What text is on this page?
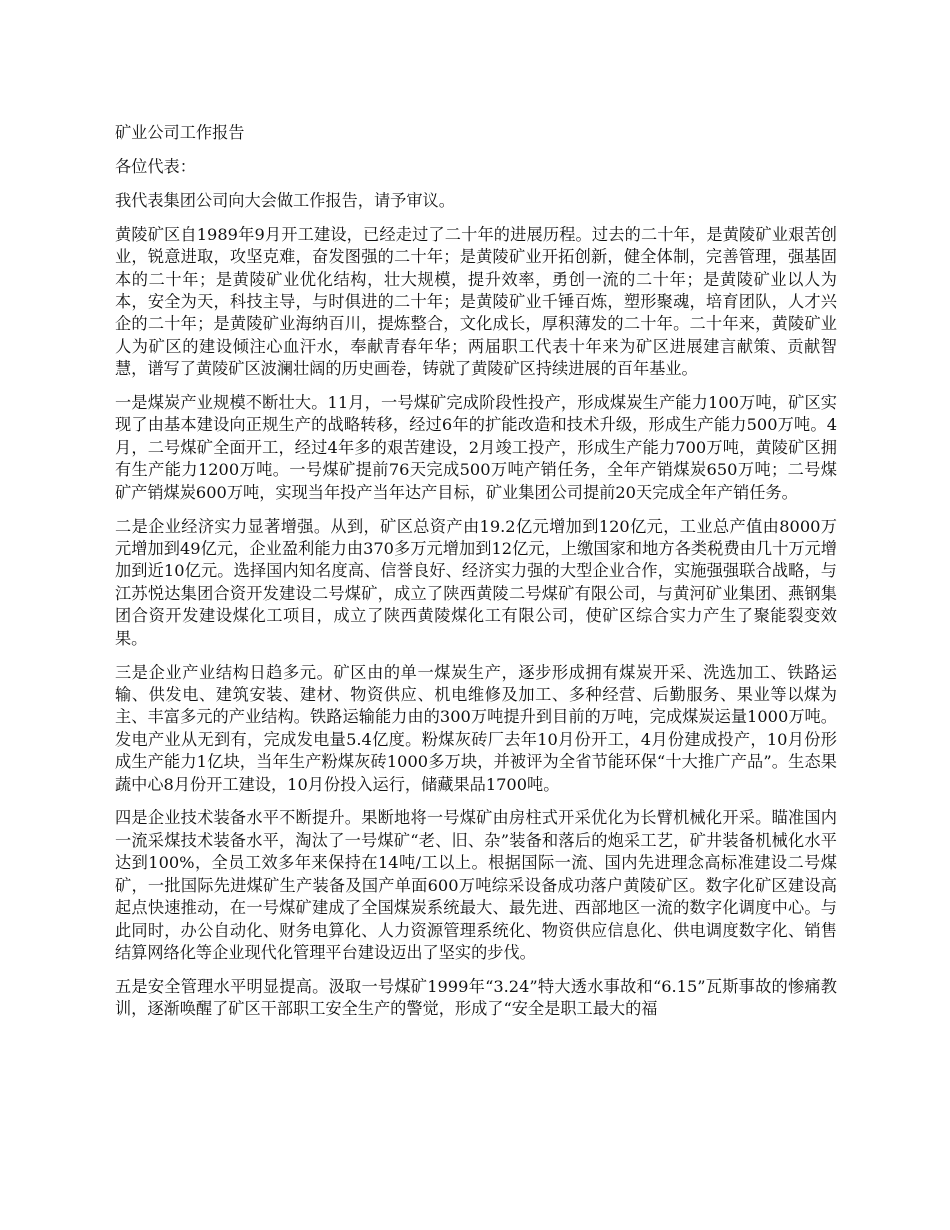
矿业公司工作报告

各位代表：

我代表集团公司向大会做工作报告，请予审议。

黄陵矿区自1989年9月开工建设，已经走过了二十年的进展历程。过去的二十年，是黄陵矿业艰苦创业，锐意进取，攻坚克难，奋发图强的二十年；是黄陵矿业开拓创新，健全体制，完善管理，强基固本的二十年；是黄陵矿业优化结构，壮大规模，提升效率，勇创一流的二十年；是黄陵矿业以人为本，安全为天，科技主导，与时俱进的二十年；是黄陵矿业千锤百炼，塑形聚魂，培育团队，人才兴企的二十年；是黄陵矿业海纳百川，提炼整合，文化成长，厚积薄发的二十年。二十年来，黄陵矿业人为矿区的建设倾注心血汗水，奉献青春年华；两届职工代表十年来为矿区进展建言献策、贡献智慧，谱写了黄陵矿区波澜壮阔的历史画卷，铸就了黄陵矿区持续进展的百年基业。

一是煤炭产业规模不断壮大。11月，一号煤矿完成阶段性投产，形成煤炭生产能力100万吨，矿区实现了由基本建设向正规生产的战略转移，经过6年的扩能改造和技术升级，形成生产能力500万吨。4月，二号煤矿全面开工，经过4年多的艰苦建设，2月竣工投产，形成生产能力700万吨，黄陵矿区拥有生产能力1200万吨。一号煤矿提前76天完成500万吨产销任务，全年产销煤炭650万吨；二号煤矿产销煤炭600万吨，实现当年投产当年达产目标，矿业集团公司提前20天完成全年产销任务。

二是企业经济实力显著增强。从到，矿区总资产由19.2亿元增加到120亿元，工业总产值由8000万元增加到49亿元，企业盈利能力由370多万元增加到12亿元，上缴国家和地方各类税费由几十万元增加到近10亿元。选择国内知名度高、信誉良好、经济实力强的大型企业合作，实施强强联合战略，与江苏悦达集团合资开发建设二号煤矿，成立了陕西黄陵二号煤矿有限公司，与黄河矿业集团、燕钢集团合资开发建设煤化工项目，成立了陕西黄陵煤化工有限公司，使矿区综合实力产生了聚能裂变效果。

三是企业产业结构日趋多元。矿区由的单一煤炭生产，逐步形成拥有煤炭开采、洗选加工、铁路运输、供发电、建筑安装、建材、物资供应、机电维修及加工、多种经营、后勤服务、果业等以煤为主、丰富多元的产业结构。铁路运输能力由的300万吨提升到目前的万吨，完成煤炭运量1000万吨。发电产业从无到有，完成发电量5.4亿度。粉煤灰砖厂去年10月份开工，4月份建成投产，10月份形成生产能力1亿块，当年生产粉煤灰砖1000多万块，并被评为全省节能环保“十大推广产品”。生态果蔬中心8月份开工建设，10月份投入运行，储藏果品1700吨。

四是企业技术装备水平不断提升。果断地将一号煤矿由房柱式开采优化为长臂机械化开采。瞄准国内一流采煤技术装备水平，淘汰了一号煤矿“老、旧、杂”装备和落后的炮采工艺，矿井装备机械化水平达到100%，全员工效多年来保持在14吨/工以上。根据国际一流、国内先进理念高标准建设二号煤矿，一批国际先进煤矿生产装备及国产单面600万吨综采设备成功落户黄陵矿区。数字化矿区建设高起点快速推动，在一号煤矿建成了全国煤炭系统最大、最先进、西部地区一流的数字化调度中心。与此同时，办公自动化、财务电算化、人力资源管理系统化、物资供应信息化、供电调度数字化、销售结算网络化等企业现代化管理平台建设迈出了坚实的步伐。

五是安全管理水平明显提高。汲取一号煤矿1999年“3.24”特大透水事故和“6.15”瓦斯事故的惨痛教训，逐渐唤醒了矿区干部职工安全生产的警觉，形成了“安全是职工最大的福
